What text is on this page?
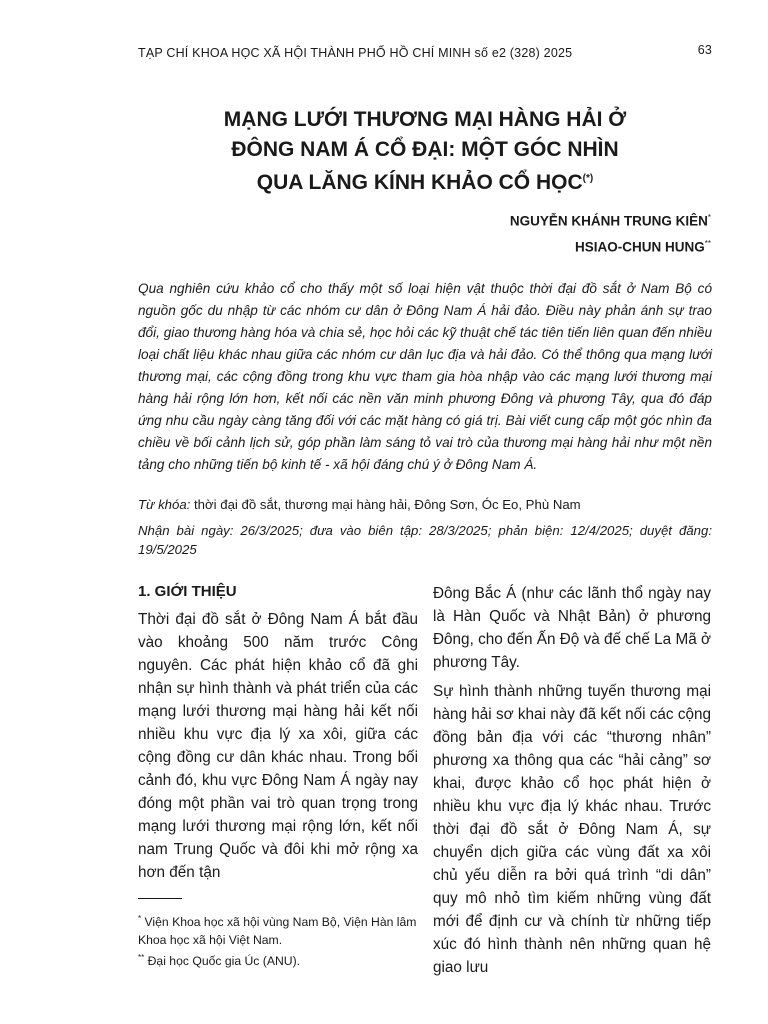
TẠP CHÍ KHOA HỌC XÃ HỘI THÀNH PHỐ HỒ CHÍ MINH số e2 (328) 2025	63
MẠNG LƯỚI THƯƠNG MẠI HÀNG HẢI Ở
ĐÔNG NAM Á CỔ ĐẠI: MỘT GÓC NHÌN
QUA LĂNG KÍNH KHẢO CỔ HỌC(*)
NGUYỄN KHÁNH TRUNG KIÊN*
HSIAO-CHUN HUNG**
Qua nghiên cứu khảo cổ cho thấy một số loại hiện vật thuộc thời đại đồ sắt ở Nam Bộ có nguồn gốc du nhập từ các nhóm cư dân ở Đông Nam Á hải đảo. Điều này phản ánh sự trao đổi, giao thương hàng hóa và chia sẻ, học hỏi các kỹ thuật chế tác tiên tiến liên quan đến nhiều loại chất liệu khác nhau giữa các nhóm cư dân lục địa và hải đảo. Có thể thông qua mạng lưới thương mại, các cộng đồng trong khu vực tham gia hòa nhập vào các mạng lưới thương mại hàng hải rộng lớn hơn, kết nối các nền văn minh phương Đông và phương Tây, qua đó đáp ứng nhu cầu ngày càng tăng đối với các mặt hàng có giá trị. Bài viết cung cấp một góc nhìn đa chiều về bối cảnh lịch sử, góp phần làm sáng tỏ vai trò của thương mại hàng hải như một nền tảng cho những tiến bộ kinh tế - xã hội đáng chú ý ở Đông Nam Á.
Từ khóa: thời đại đồ sắt, thương mại hàng hải, Đông Sơn, Óc Eo, Phù Nam
Nhận bài ngày: 26/3/2025; đưa vào biên tập: 28/3/2025; phản biện: 12/4/2025; duyệt đăng: 19/5/2025
1. GIỚI THIỆU

Thời đại đồ sắt ở Đông Nam Á bắt đầu vào khoảng 500 năm trước Công nguyên. Các phát hiện khảo cổ đã ghi nhận sự hình thành và phát triển của các mạng lưới thương mại hàng hải kết nối nhiều khu vực địa lý xa xôi, giữa các cộng đồng cư dân khác nhau. Trong bối cảnh đó, khu vực Đông Nam Á ngày nay đóng một phần vai trò quan trọng trong mạng lưới thương mại rộng lớn, kết nối nam Trung Quốc và đôi khi mở rộng xa hơn đến tận

Đông Bắc Á (như các lãnh thổ ngày nay là Hàn Quốc và Nhật Bản) ở phương Đông, cho đến Ấn Độ và đế chế La Mã ở phương Tây.

Sự hình thành những tuyến thương mại hàng hải sơ khai này đã kết nối các cộng đồng bản địa với các “thương nhân” phương xa thông qua các “hải cảng” sơ khai, được khảo cổ học phát hiện ở nhiều khu vực địa lý khác nhau. Trước thời đại đồ sắt ở Đông Nam Á, sự chuyển dịch giữa các vùng đất xa xôi chủ yếu diễn ra bởi quá trình “di dân” quy mô nhỏ tìm kiếm những vùng đất mới để định cư và chính từ những tiếp xúc đó hình thành nên những quan hệ giao lưu

* Viện Khoa học xã hội vùng Nam Bộ, Viện Hàn lâm Khoa học xã hội Việt Nam.

** Đại học Quốc gia Úc (ANU).
